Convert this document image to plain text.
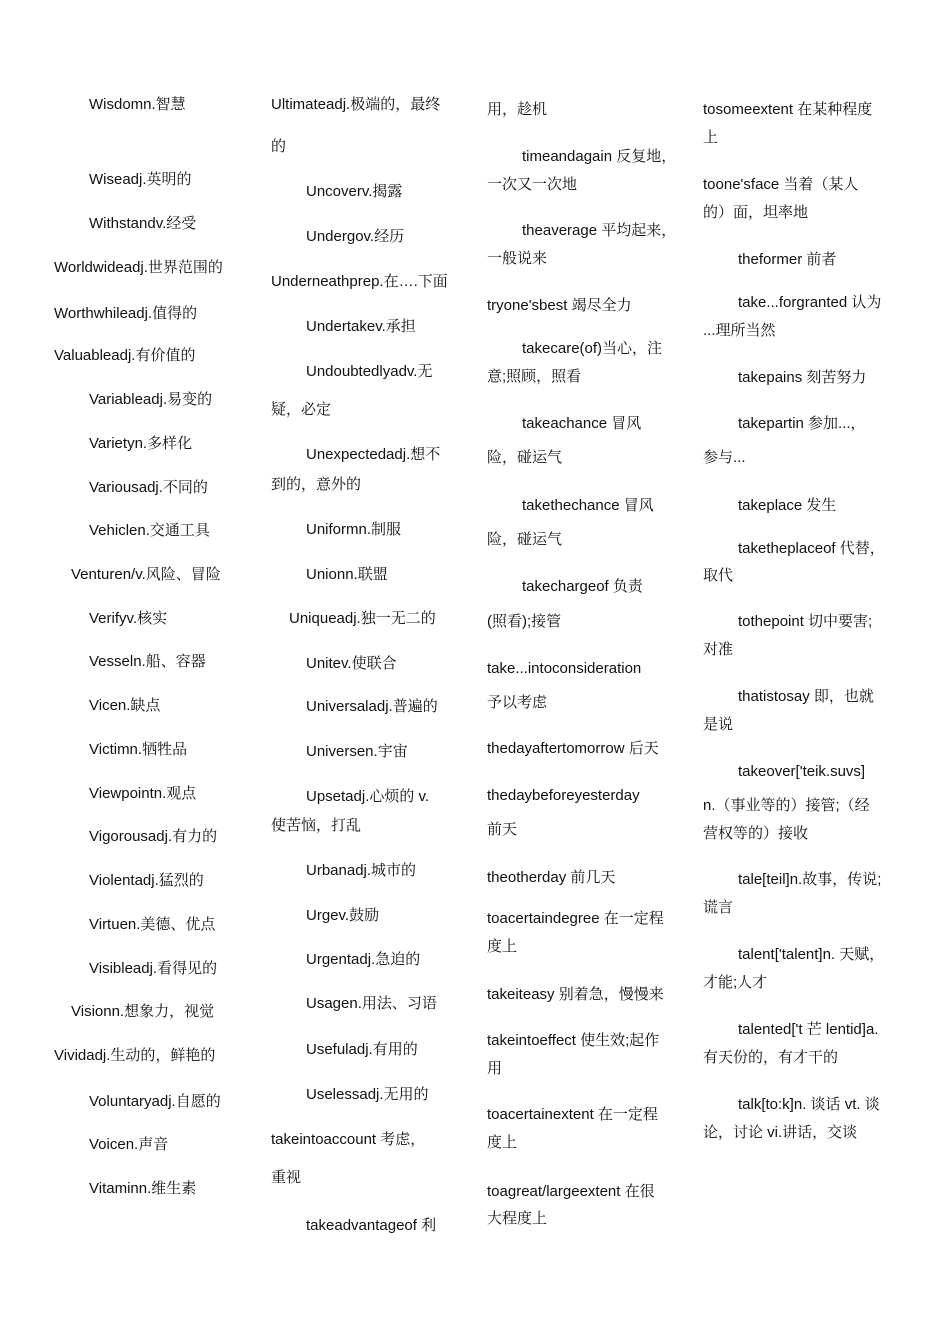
Wisdomn.智慧
Wiseadj.英明的
Withstandv.经受
Worldwideadj.世界范围的
Worthwhileadj.值得的
Valuableadj.有价值的
Variableadj.易变的
Varietyn.多样化
Variousadj.不同的
Vehiclen.交通工具
Venturen/v.风险、冒险
Verifyv.核实
Vesseln.船、容器
Vicen.缺点
Victimn.牺牲品
Viewpointn.观点
Vigorousadj.有力的
Violentadj.猛烈的
Virtuen.美德、优点
Visibleadj.看得见的
Visionn.想象力，视觉
Vividadj.生动的，鲜艳的
Voluntaryadj.自愿的
Voicen.声音
Vitaminn.维生素
Ultimateadj.极端的，最终
的
Uncoverv.揭露
Undergov.经历
Underneathprep.在….下面
Undertakev.承担
Undoubtedlyadv.无
疑，必定
Unexpectedadj.想不
到的，意外的
Uniformn.制服
Unionn.联盟
Uniqueadj.独一无二的
Unitev.使联合
Universaladj.普遍的
Universen.宇宙
Upsetadj.心烦的 v.
使苦恼，打乱
Urbanadj.城市的
Urgev.鼓励
Urgentadj.急迫的
Usagen.用法、习语
Usefuladj.有用的
Uselessadj.无用的
takeintoaccount 考虑，
重视
takeadvantageof 利
用，趁机
timeandagain 反复地，
一次又一次地
theaverage 平均起来，
一般说来
tryone'sbest 竭尽全力
takecare(of)当心，注
意;照顾，照看
takeachance 冒风
险，碰运气
takethechance 冒风
险，碰运气
takechargeof 负责
(照看);接管
take...intoconsideration
予以考虑
thedayaftertomorrow 后天
thedaybeforeyesterday
前天
theotherday 前几天
toacertaindegree 在一定程
度上
takeiteasy 别着急，慢慢来
takeintoeffect 使生效;起作
用
toacertainextent 在一定程
度上
toagreat/largeextent 在很
大程度上
tosomeextent 在某种程度
上
toone'sface 当着（某人
的）面，坦率地
theformer 前者
take...forgranted 认为
...理所当然
takepains 刻苦努力
takepartin 参加...，
参与...
takeplace 发生
taketheplaceof 代替，
取代
tothepoint 切中要害;
对准
thatistosay 即，也就
是说
takeover['teik.suvs]
n.（事业等的）接管;（经
营权等的）接收
tale[teil]n.故事，传说;
谎言
talent['talent]n. 天赋，
才能;人才
talented['t 芒 lentid]a.
有天份的，有才干的
talk[to:k]n. 谈话 vt. 谈
论，讨论 vi.讲话，交谈
